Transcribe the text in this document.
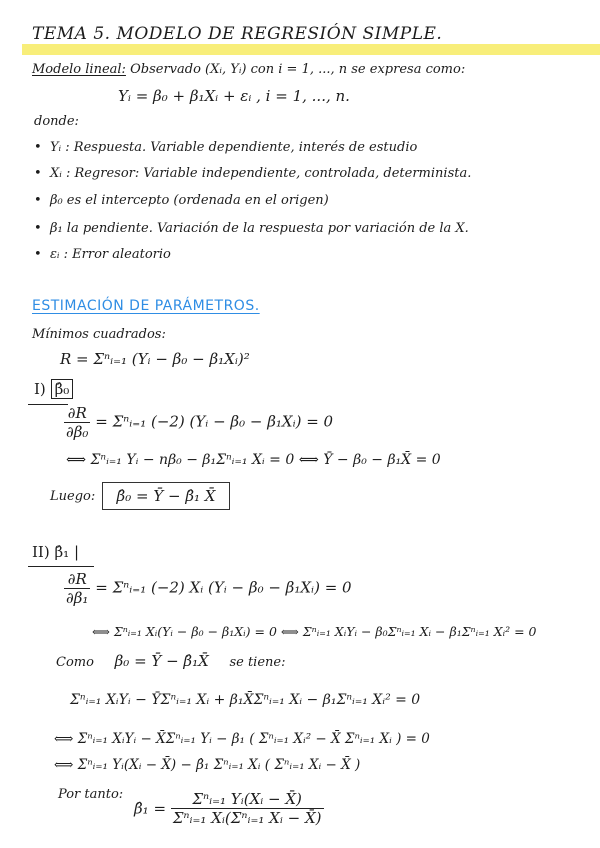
TEMA 5. MODELO DE REGRESIÓN SIMPLE.
Modelo lineal: Observado (Xᵢ, Yᵢ) con i = 1, ..., n se expresa como:
Yᵢ = β₀ + β₁Xᵢ + εᵢ , i = 1, ..., n.
donde:
•  Yᵢ : Respuesta. Variable dependiente, interés de estudio
•  Xᵢ : Regresor: Variable independiente, controlada, determinista.
•  β₀ es el intercepto (ordenada en el origen)
•  β₁ la pendiente. Variación de la respuesta por variación de la X.
•  εᵢ : Error aleatorio
ESTIMACIÓN DE PARÁMETROS.
Mínimos cuadrados:
R = Σⁿᵢ₌₁ (Yᵢ − β₀ − β₁Xᵢ)²
I) β̂₀
$\frac{\partial R}{\text{∂β₀}}$ = Σⁿᵢ₌₁ (−2) (Yᵢ − β₀ − β₁Xᵢ) = 0
⟺ Σⁿᵢ₌₁ Yᵢ − nβ₀ − β₁Σⁿᵢ₌₁ Xᵢ = 0 ⟺ Ȳ − β₀ − β₁X̄ = 0
Luego:	β̂₀ = Ȳ − β̂₁ X̄
II) β̂₁ |
$\frac{\partial R}{\text{∂β₁}}$ = Σⁿᵢ₌₁ (−2) Xᵢ (Yᵢ − β₀ − β₁Xᵢ) = 0
⟺ Σⁿᵢ₌₁ Xᵢ(Yᵢ − β₀ − β₁Xᵢ) = 0 ⟺ Σⁿᵢ₌₁ XᵢYᵢ − β₀Σⁿᵢ₌₁ Xᵢ − β₁Σⁿᵢ₌₁ Xᵢ² = 0
Como β₀ = Ȳ − β̂₁X̄ se tiene:
Σⁿᵢ₌₁ XᵢYᵢ − ȲΣⁿᵢ₌₁ Xᵢ + β₁X̄Σⁿᵢ₌₁ Xᵢ − β₁Σⁿᵢ₌₁ Xᵢ² = 0
⟺ Σⁿᵢ₌₁ XᵢYᵢ − X̄Σⁿᵢ₌₁ Yᵢ − β₁ ( Σⁿᵢ₌₁ Xᵢ² − X̄ Σⁿᵢ₌₁ Xᵢ ) = 0
⟺ Σⁿᵢ₌₁ Yᵢ(Xᵢ − X̄) − β̂₁ Σⁿᵢ₌₁ Xᵢ ( Σⁿᵢ₌₁ Xᵢ − X̄ )
Por tanto:
β̂₁ = $\frac{\text{Σⁿᵢ₌₁ Yᵢ(Xᵢ − X̄)}}{\text{Σⁿᵢ₌₁ Xᵢ(Σⁿᵢ₌₁ Xᵢ − X̄)}}$
